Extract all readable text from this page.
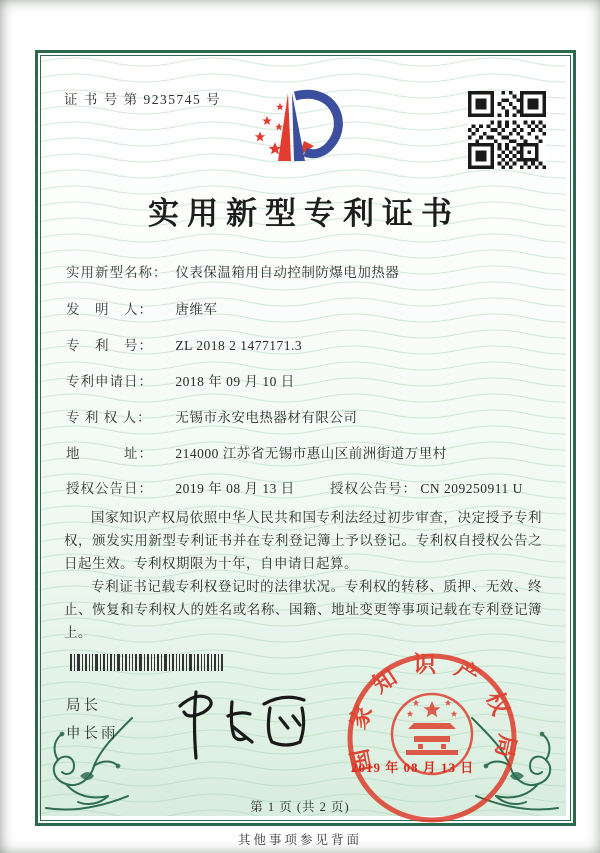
证 书 号 第 9235745 号
实用新型专利证书
实用新型名称： 仪表保温箱用自动控制防爆电加热器
发　明　人： 唐维军
专　利　号： ZL 2018 2 1477171.3
专利申请日： 2018 年 09 月 10 日
专 利 权 人： 无锡市永安电热器材有限公司
地　　　址： 214000 江苏省无锡市惠山区前洲街道万里村
授权公告日： 2019 年 08 月 13 日	授权公告号： CN 209250911 U

国家知识产权局依照中华人民共和国专利法经过初步审查，决定授予专利权，颁发实用新型专利证书并在专利登记簿上予以登记。专利权自授权公告之日起生效。专利权期限为十年，自申请日起算。

专利证书记载专利权登记时的法律状况。专利权的转移、质押、无效、终止、恢复和专利权人的姓名或名称、国籍、地址变更等事项记载在专利登记簿上。

局长
申长雨	国家知识产权局
2019 年 08 月 13 日
第 1 页 (共 2 页)
其他事项参见背面
